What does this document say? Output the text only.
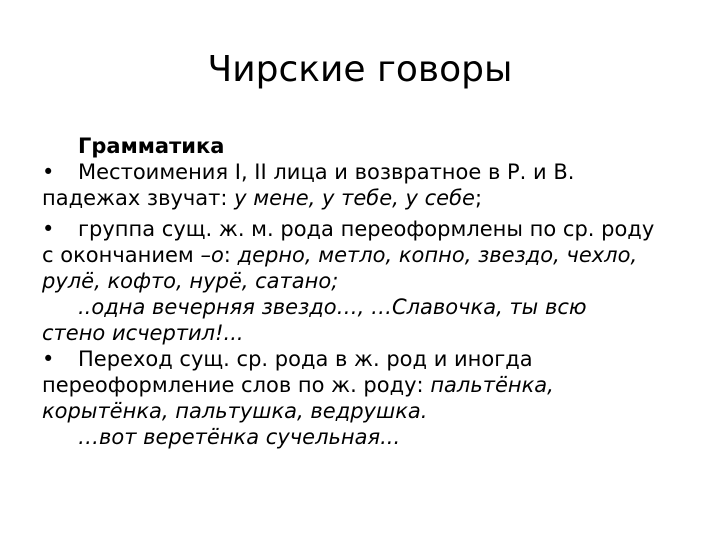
Чирские говоры
Грамматика
• Местоимения I, II лица и возвратное в Р. и В.
падежах звучат: у мене, у тебе, у себе;
• группа сущ. ж. м. рода переоформлены по ср. роду
с окончанием –о: дерно, метло, копно, звездо, чехло,
рулё, кофто, нурё, сатано;
..одна вечерняя звездо…, …Славочка, ты всю
стено исчертил!...
• Переход сущ. ср. рода в ж. род и иногда
переоформление слов по ж. роду: пальтёнка,
корытёнка, пальтушка, ведрушка.
…вот веретёнка сучельная...
